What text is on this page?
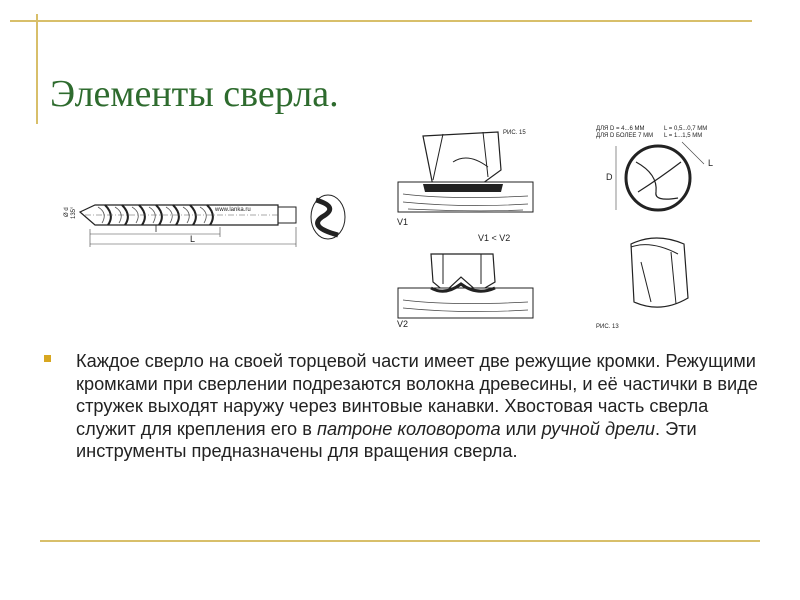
Элементы сверла.
Ø d 135°	www.lanka.ru
l
L
РИС. 15
V1
V1 < V2
V2
ДЛЯ D = 4...6 ММ
ДЛЯ D БОЛЕЕ 7 ММ
L = 0,5...0,7 ММ
L = 1...1,5 ММ
D
L
РИС. 13
Каждое сверло на своей торцевой части имеет две режущие кромки. Режущими кромками при сверлении подрезаются волокна древесины, и её частички в виде стружек выходят наружу через винтовые канавки. Хвостовая часть сверла служит для крепления его в патроне коловорота или ручной дрели. Эти инструменты предназначены для вращения сверла.
